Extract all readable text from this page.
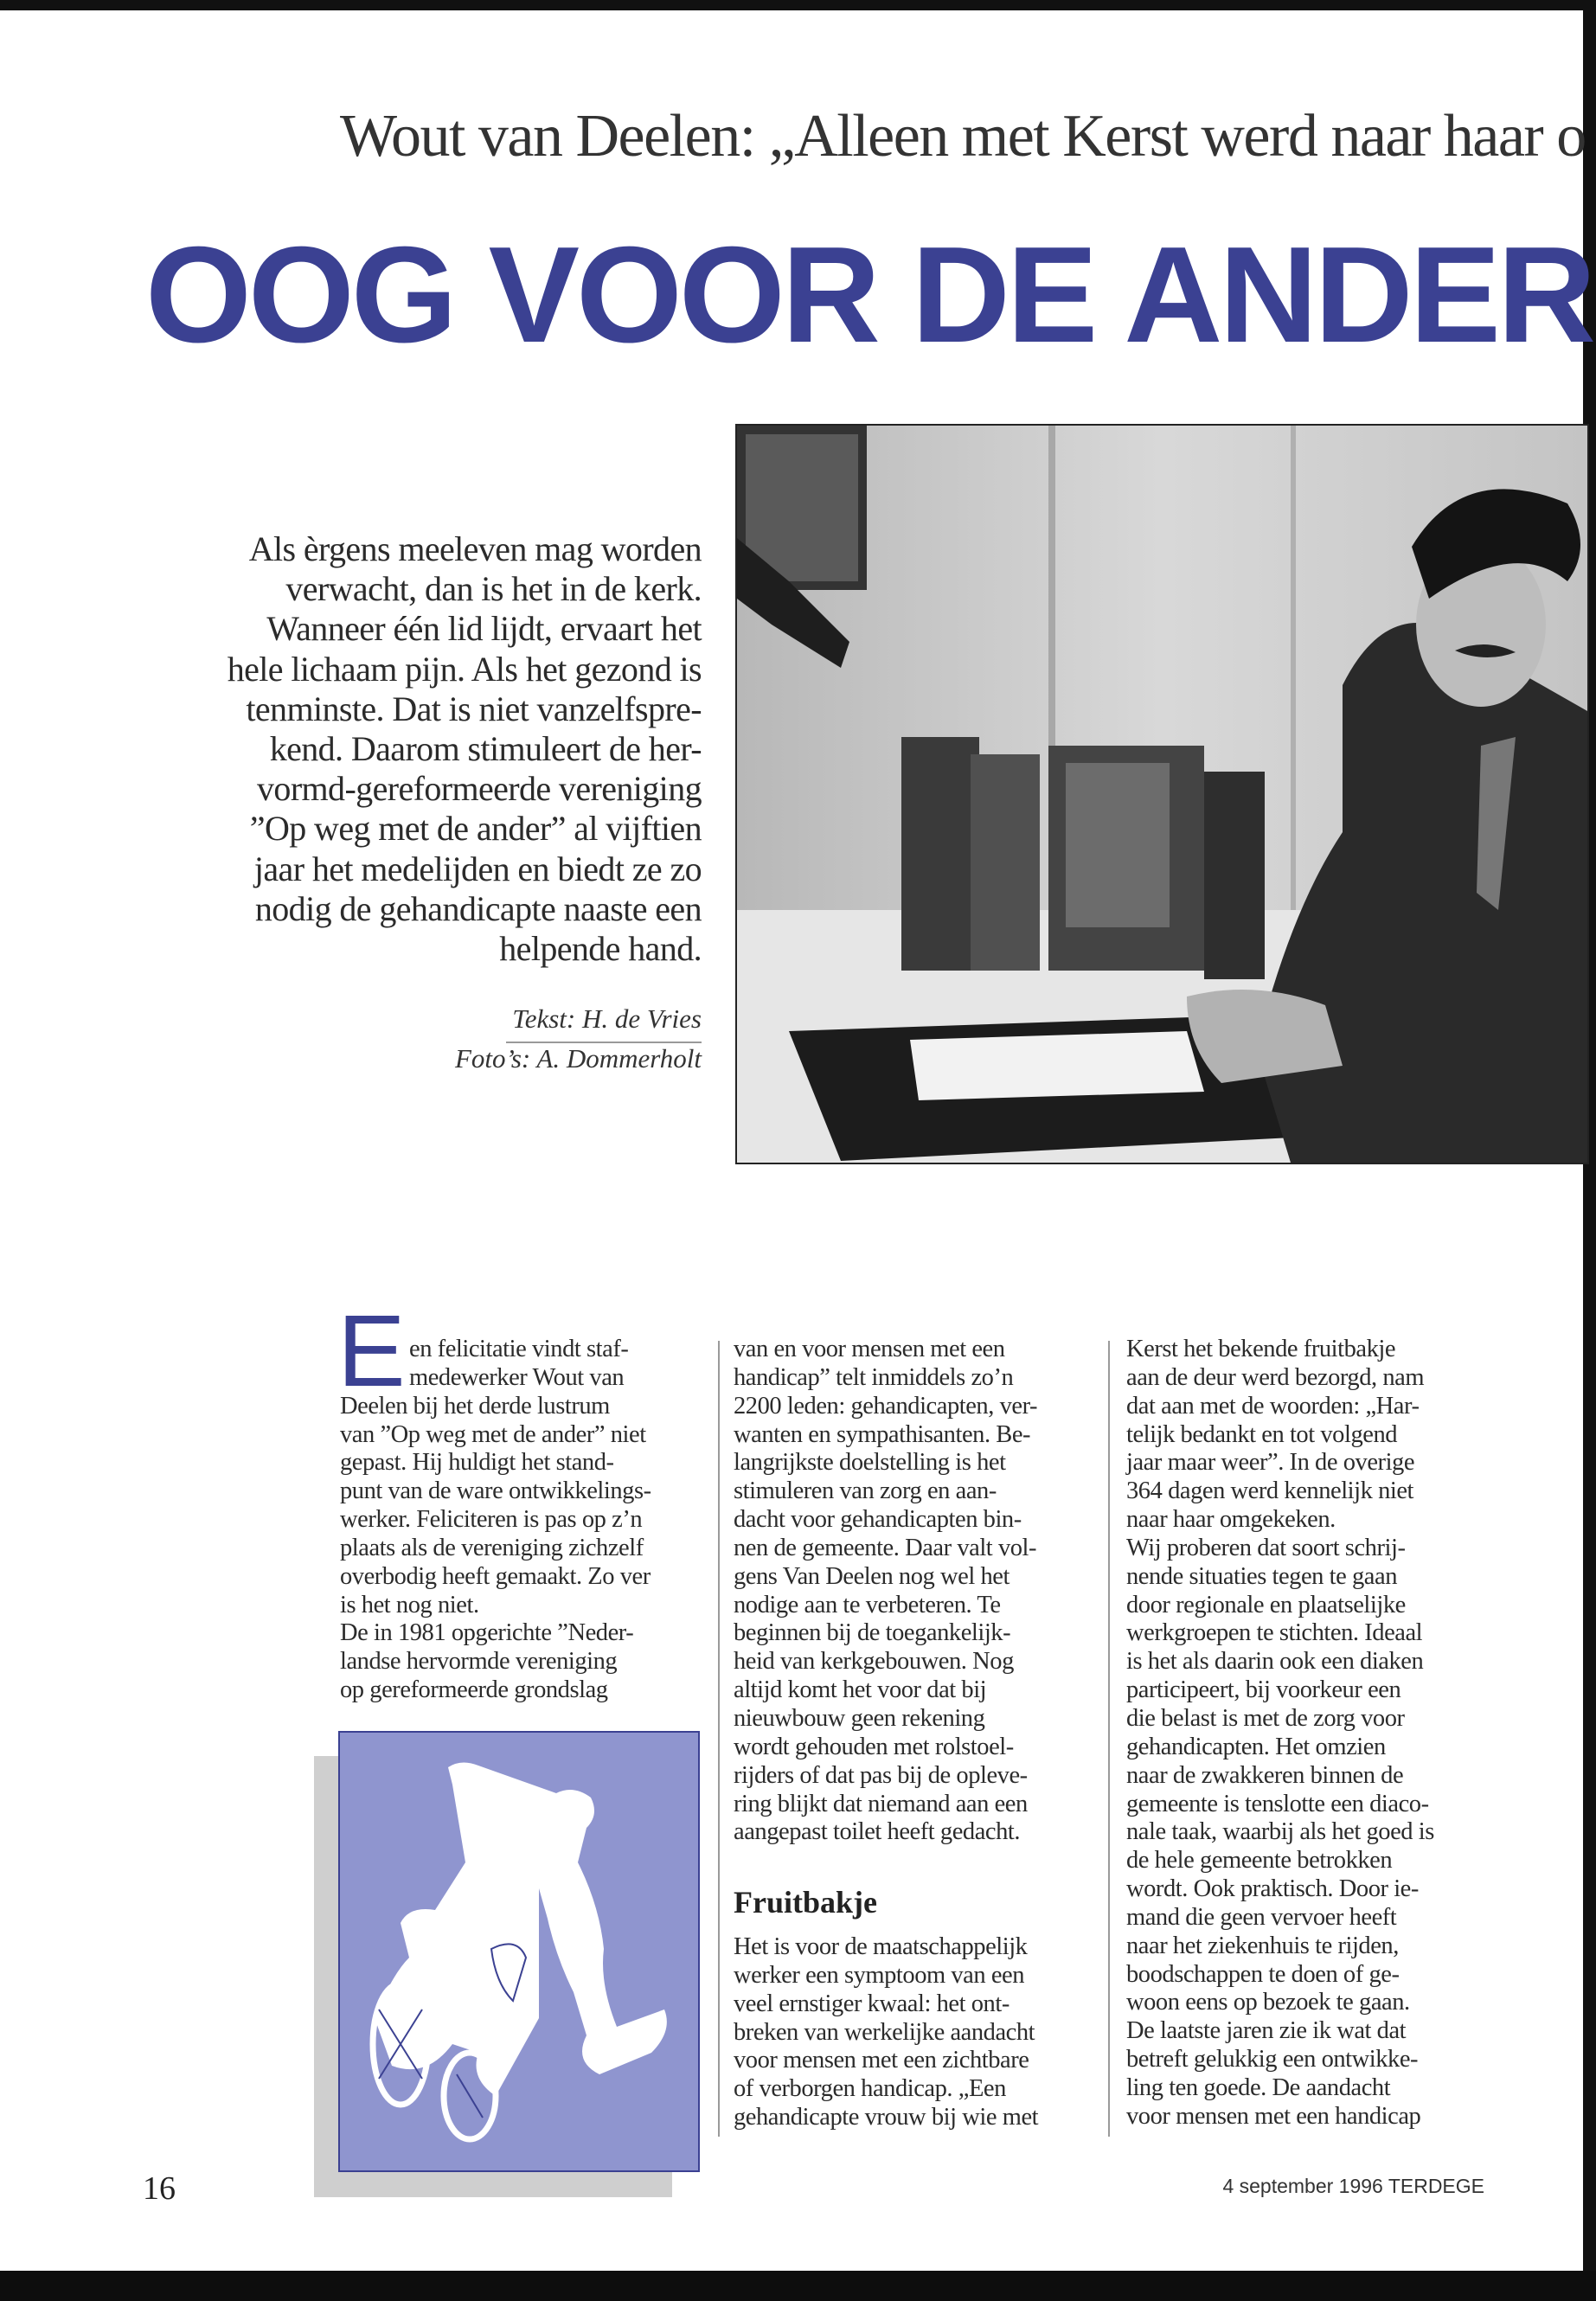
Wout van Deelen: „Alleen met Kerst werd naar haar o
OOG VOOR DE ANDER
Als èrgens meeleven mag worden
verwacht, dan is het in de kerk.
Wanneer één lid lijdt, ervaart het
hele lichaam pijn. Als het gezond is
tenminste. Dat is niet vanzelfspre-
kend. Daarom stimuleert de her-
vormd-gereformeerde vereniging
”Op weg met de ander” al vijftien
jaar het medelijden en biedt ze zo
nodig de gehandicapte naaste een
helpende hand.
Tekst: H. de Vries
Foto’s: A. Dommerholt
E en felicitatie vindt staf-
medewerker Wout van
Deelen bij het derde lustrum
van ”Op weg met de ander” niet
gepast. Hij huldigt het stand-
punt van de ware ontwikkelings-
werker. Feliciteren is pas op z’n
plaats als de vereniging zichzelf
overbodig heeft gemaakt. Zo ver
is het nog niet.
De in 1981 opgerichte ”Neder-
landse hervormde vereniging
op gereformeerde grondslag
van en voor mensen met een
handicap” telt inmiddels zo’n
2200 leden: gehandicapten, ver-
wanten en sympathisanten. Be-
langrijkste doelstelling is het
stimuleren van zorg en aan-
dacht voor gehandicapten bin-
nen de gemeente. Daar valt vol-
gens Van Deelen nog wel het
nodige aan te verbeteren. Te
beginnen bij de toegankelijk-
heid van kerkgebouwen. Nog
altijd komt het voor dat bij
nieuwbouw geen rekening
wordt gehouden met rolstoel-
rijders of dat pas bij de opleve-
ring blijkt dat niemand aan een
aangepast toilet heeft gedacht.
Fruitbakje
Het is voor de maatschappelijk
werker een symptoom van een
veel ernstiger kwaal: het ont-
breken van werkelijke aandacht
voor mensen met een zichtbare
of verborgen handicap. „Een
gehandicapte vrouw bij wie met
Kerst het bekende fruitbakje
aan de deur werd bezorgd, nam
dat aan met de woorden: „Har-
telijk bedankt en tot volgend
jaar maar weer”. In de overige
364 dagen werd kennelijk niet
naar haar omgekeken.
Wij proberen dat soort schrij-
nende situaties tegen te gaan
door regionale en plaatselijke
werkgroepen te stichten. Ideaal
is het als daarin ook een diaken
participeert, bij voorkeur een
die belast is met de zorg voor
gehandicapten. Het omzien
naar de zwakkeren binnen de
gemeente is tenslotte een diaco-
nale taak, waarbij als het goed is
de hele gemeente betrokken
wordt. Ook praktisch. Door ie-
mand die geen vervoer heeft
naar het ziekenhuis te rijden,
boodschappen te doen of ge-
woon eens op bezoek te gaan.
De laatste jaren zie ik wat dat
betreft gelukkig een ontwikke-
ling ten goede. De aandacht
voor mensen met een handicap
16	4 september 1996 TERDEGE
